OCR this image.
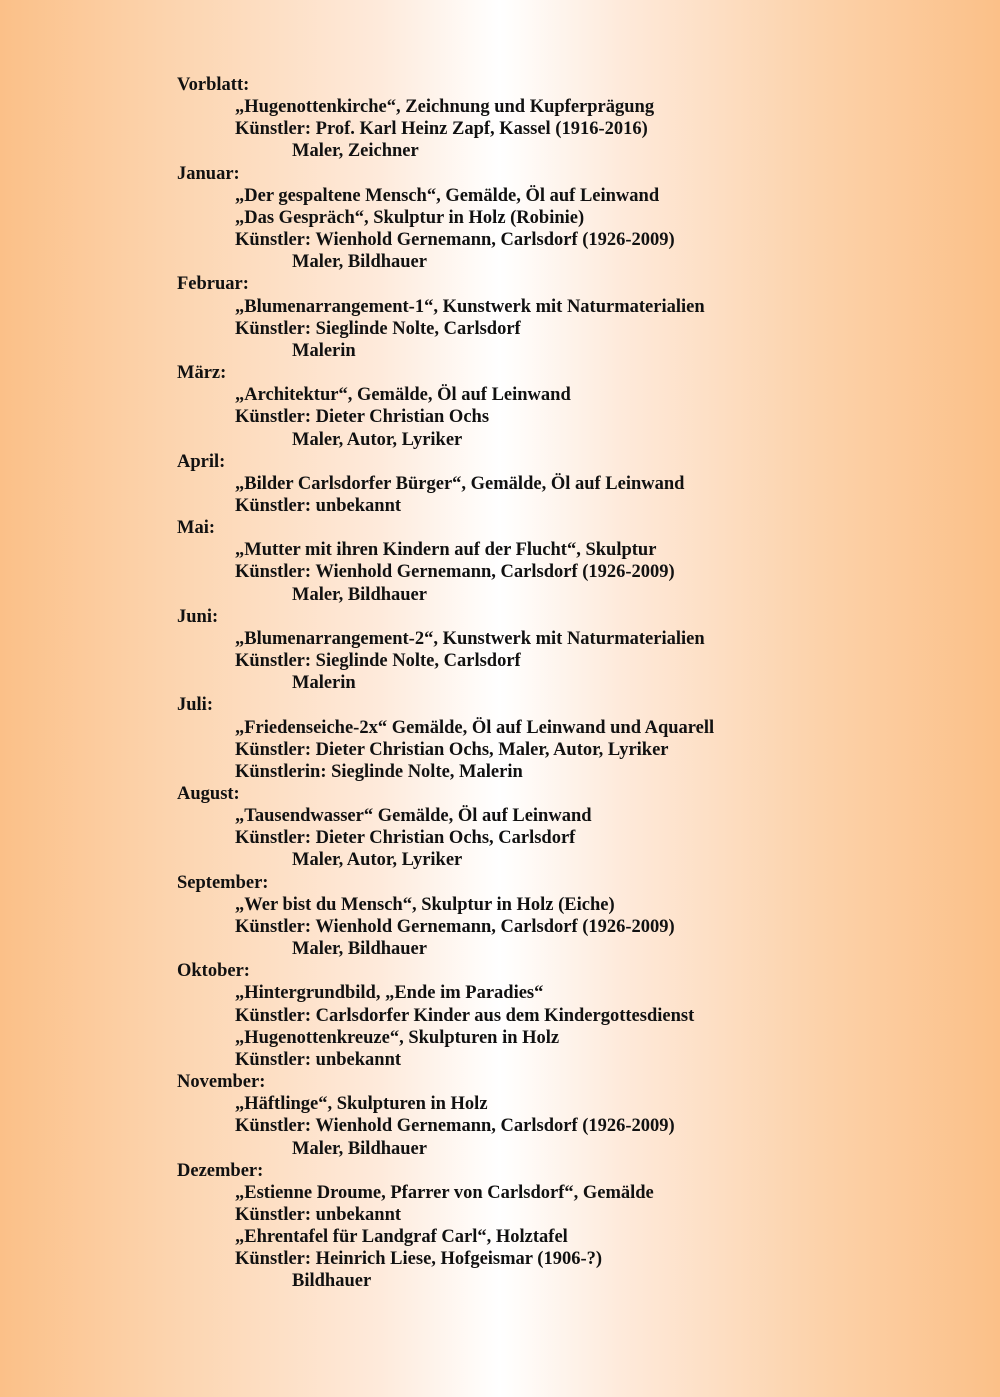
Vorblatt:
„Hugenottenkirche“, Zeichnung und Kupferprägung
Künstler: Prof. Karl Heinz Zapf, Kassel (1916-2016)
Maler, Zeichner
Januar:
„Der gespaltene Mensch“, Gemälde, Öl auf Leinwand
„Das Gespräch“, Skulptur in Holz (Robinie)
Künstler: Wienhold Gernemann, Carlsdorf (1926-2009)
Maler, Bildhauer
Februar:
„Blumenarrangement-1“, Kunstwerk mit Naturmaterialien
Künstler: Sieglinde Nolte, Carlsdorf
Malerin
März:
„Architektur“, Gemälde, Öl auf Leinwand
Künstler: Dieter Christian Ochs
Maler, Autor, Lyriker
April:
„Bilder Carlsdorfer Bürger“, Gemälde, Öl auf Leinwand
Künstler: unbekannt
Mai:
„Mutter mit ihren Kindern auf der Flucht“, Skulptur
Künstler: Wienhold Gernemann, Carlsdorf (1926-2009)
Maler, Bildhauer
Juni:
„Blumenarrangement-2“, Kunstwerk mit Naturmaterialien
Künstler: Sieglinde Nolte, Carlsdorf
Malerin
Juli:
„Friedenseiche-2x“ Gemälde, Öl auf Leinwand und Aquarell
Künstler: Dieter Christian Ochs, Maler, Autor, Lyriker
Künstlerin: Sieglinde Nolte, Malerin
August:
„Tausendwasser“ Gemälde, Öl auf Leinwand
Künstler: Dieter Christian Ochs, Carlsdorf
Maler, Autor, Lyriker
September:
„Wer bist du Mensch“, Skulptur in Holz (Eiche)
Künstler: Wienhold Gernemann, Carlsdorf (1926-2009)
Maler, Bildhauer
Oktober:
„Hintergrundbild, „Ende im Paradies“
Künstler: Carlsdorfer Kinder aus dem Kindergottesdienst
„Hugenottenkreuze“, Skulpturen in Holz
Künstler: unbekannt
November:
„Häftlinge“, Skulpturen in Holz
Künstler: Wienhold Gernemann, Carlsdorf (1926-2009)
Maler, Bildhauer
Dezember:
„Estienne Droume, Pfarrer von Carlsdorf“, Gemälde
Künstler: unbekannt
„Ehrentafel für Landgraf Carl“, Holztafel
Künstler: Heinrich Liese, Hofgeismar (1906-?)
Bildhauer
